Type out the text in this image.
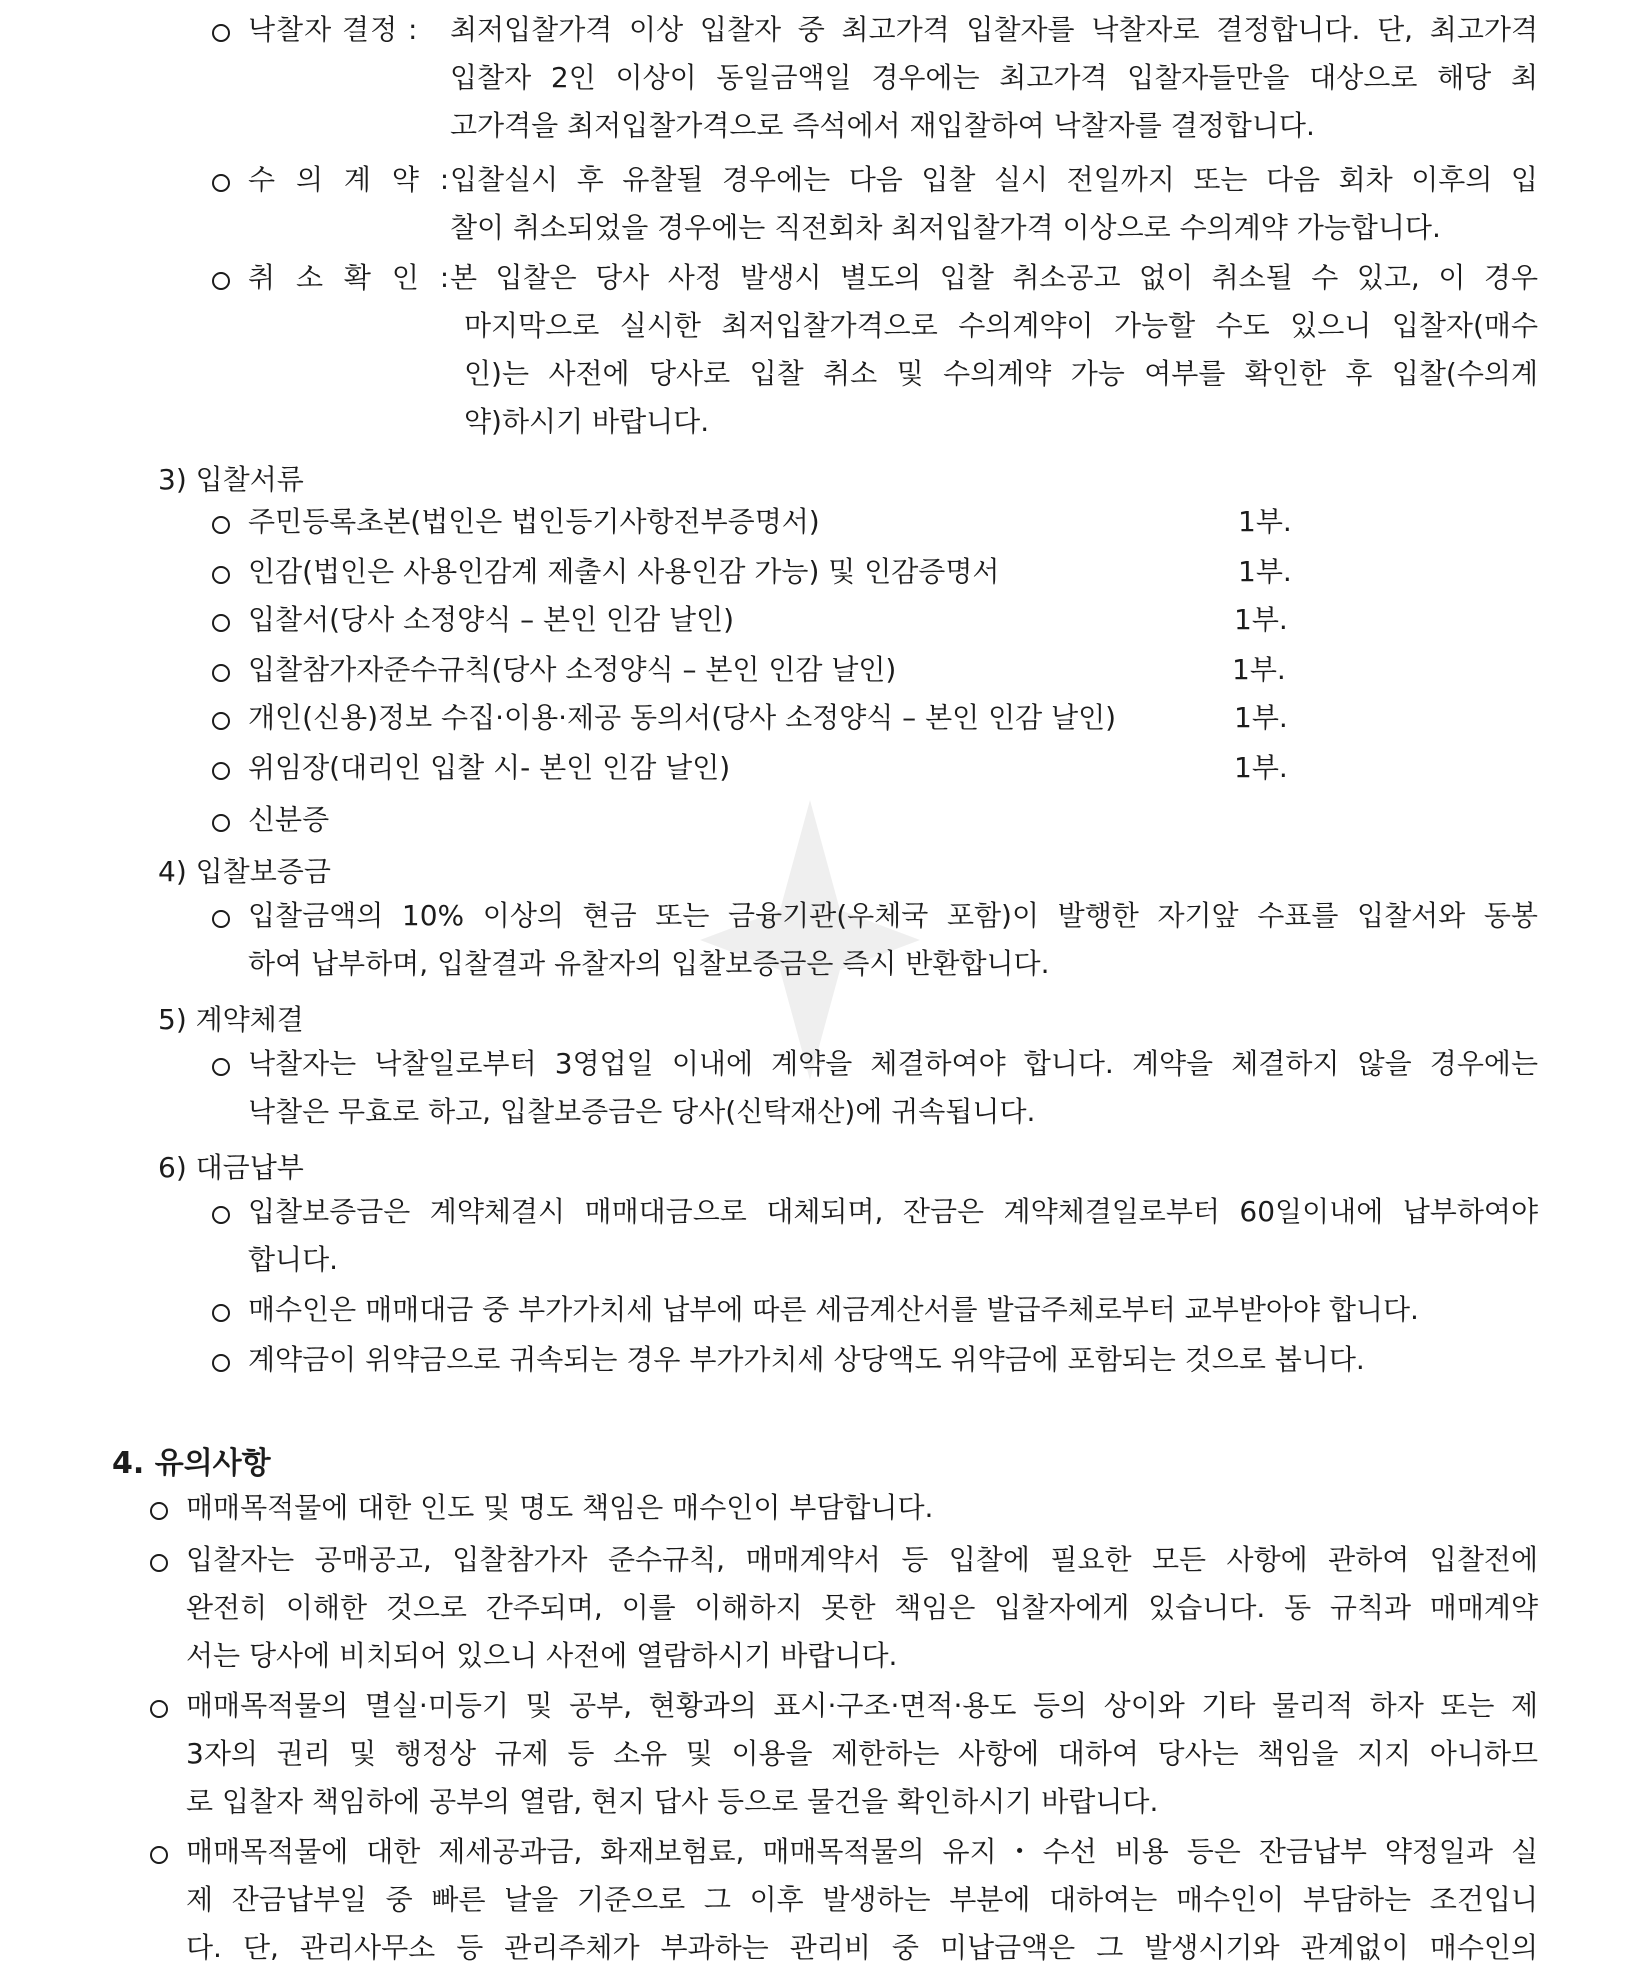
낙찰자 결정 :	최저입찰가격 이상 입찰자 중 최고가격 입찰자를 낙찰자로 결정합니다. 단, 최고가격
입찰자 2인 이상이 동일금액일 경우에는 최고가격 입찰자들만을 대상으로 해당 최
고가격을 최저입찰가격으로 즉석에서 재입찰하여 낙찰자를 결정합니다.
수 의 계 약 : 입찰실시 후 유찰될 경우에는 다음 입찰 실시 전일까지 또는 다음 회차 이후의 입
찰이 취소되었을 경우에는 직전회차 최저입찰가격 이상으로 수의계약 가능합니다.
취 소 확 인 : 본 입찰은 당사 사정 발생시 별도의 입찰 취소공고 없이 취소될 수 있고, 이 경우
마지막으로 실시한 최저입찰가격으로 수의계약이 가능할 수도 있으니 입찰자(매수
인)는 사전에 당사로 입찰 취소 및 수의계약 가능 여부를 확인한 후 입찰(수의계
약)하시기 바랍니다.
3) 입찰서류
주민등록초본(법인은 법인등기사항전부증명서)	1부.
인감(법인은 사용인감계 제출시 사용인감 가능) 및 인감증명서	1부.
입찰서(당사 소정양식 – 본인 인감 날인)	1부.
입찰참가자준수규칙(당사 소정양식 – 본인 인감 날인)	1부.
개인(신용)정보 수집·이용·제공 동의서(당사 소정양식 – 본인 인감 날인)	1부.
위임장(대리인 입찰 시- 본인 인감 날인)	1부.
신분증
4) 입찰보증금
입찰금액의 10% 이상의 현금 또는 금융기관(우체국 포함)이 발행한 자기앞 수표를 입찰서와 동봉
하여 납부하며, 입찰결과 유찰자의 입찰보증금은 즉시 반환합니다.
5) 계약체결
낙찰자는 낙찰일로부터 3영업일 이내에 계약을 체결하여야 합니다. 계약을 체결하지 않을 경우에는
낙찰은 무효로 하고, 입찰보증금은 당사(신탁재산)에 귀속됩니다.
6) 대금납부
입찰보증금은 계약체결시 매매대금으로 대체되며, 잔금은 계약체결일로부터 60일이내에 납부하여야
합니다.
매수인은 매매대금 중 부가가치세 납부에 따른 세금계산서를 발급주체로부터 교부받아야 합니다.
계약금이 위약금으로 귀속되는 경우 부가가치세 상당액도 위약금에 포함되는 것으로 봅니다.
4. 유의사항
매매목적물에 대한 인도 및 명도 책임은 매수인이 부담합니다.
입찰자는 공매공고, 입찰참가자 준수규칙, 매매계약서 등 입찰에 필요한 모든 사항에 관하여 입찰전에
완전히 이해한 것으로 간주되며, 이를 이해하지 못한 책임은 입찰자에게 있습니다. 동 규칙과 매매계약
서는 당사에 비치되어 있으니 사전에 열람하시기 바랍니다.
매매목적물의 멸실·미등기 및 공부, 현황과의 표시·구조·면적·용도 등의 상이와 기타 물리적 하자 또는 제
3자의 권리 및 행정상 규제 등 소유 및 이용을 제한하는 사항에 대하여 당사는 책임을 지지 아니하므
로 입찰자 책임하에 공부의 열람, 현지 답사 등으로 물건을 확인하시기 바랍니다.
매매목적물에 대한 제세공과금, 화재보험료, 매매목적물의 유지・수선 비용 등은 잔금납부 약정일과 실
제 잔금납부일 중 빠른 날을 기준으로 그 이후 발생하는 부분에 대하여는 매수인이 부담하는 조건입니
다. 단, 관리사무소 등 관리주체가 부과하는 관리비 중 미납금액은 그 발생시기와 관계없이 매수인의
